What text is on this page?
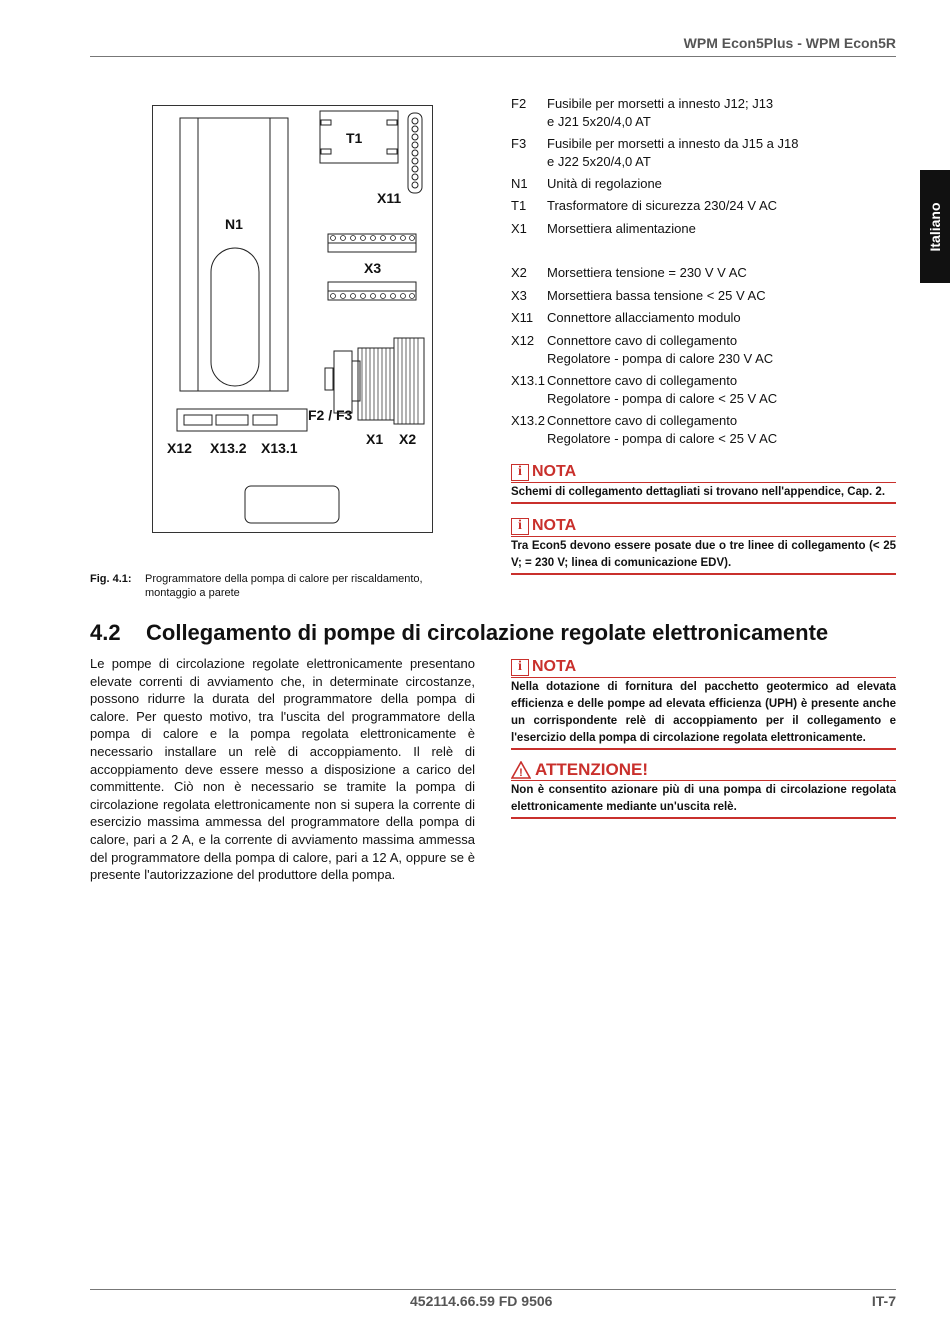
WPM Econ5Plus - WPM Econ5R
Italiano
T1
X11
N1
X3
F2 / F3
X12 X13.2 X13.1
X1 X2
F2	Fusibile per morsetti a innesto J12; J13
e J21 5x20/4,0 AT
F3	Fusibile per morsetti a innesto da J15 a J18
e J22 5x20/4,0 AT
N1	Unità di regolazione
T1	Trasformatore di sicurezza 230/24 V AC
X1	Morsettiera alimentazione
X2	Morsettiera tensione = 230 V V AC
X3	Morsettiera bassa tensione < 25 V AC
X11	Connettore allacciamento modulo
X12 Connettore cavo di collegamento
Regolatore - pompa di calore 230 V AC
X13.1 Connettore cavo di collegamento
Regolatore - pompa di calore < 25 V AC
X13.2 Connettore cavo di collegamento
Regolatore - pompa di calore < 25 V AC
i NOTA
Schemi di collegamento dettagliati si trovano nell'appendice, Cap. 2.
i NOTA
Tra Econ5 devono essere posate due o tre linee di collegamento (< 25 V; = 230 V; linea di comunicazione EDV).
i NOTA
Nella dotazione di fornitura del pacchetto geotermico ad elevata efficienza e delle pompe ad elevata efficienza (UPH) è presente anche un corrispondente relè di accoppiamento per il collegamento e l'esercizio della pompa di circolazione regolata elettronicamente.
! ATTENZIONE!
Non è consentito azionare più di una pompa di circolazione regolata elettronicamente mediante un'uscita relè.
Fig. 4.1:	Programmatore della pompa di calore per riscaldamento,
montaggio a parete
4.2 Collegamento di pompe di circolazione regolate elettronicamente
Le pompe di circolazione regolate elettronicamente presentano elevate correnti di avviamento che, in determinate circostanze, possono ridurre la durata del programmatore della pompa di calore. Per questo motivo, tra l'uscita del programmatore della pompa di calore e la pompa regolata elettronicamente è necessario installare un relè di accoppiamento. Il relè di accoppiamento deve essere messo a disposizione a carico del committente. Ciò non è necessario se tramite la pompa di circolazione regolata elettronicamente non si supera la corrente di esercizio massima ammessa del programmatore della pompa di calore, pari a 2 A, e la corrente di avviamento massima ammessa del programmatore della pompa di calore, pari a 12 A, oppure se è presente l'autorizzazione del produttore della pompa.
452114.66.59 FD 9506	IT-7
